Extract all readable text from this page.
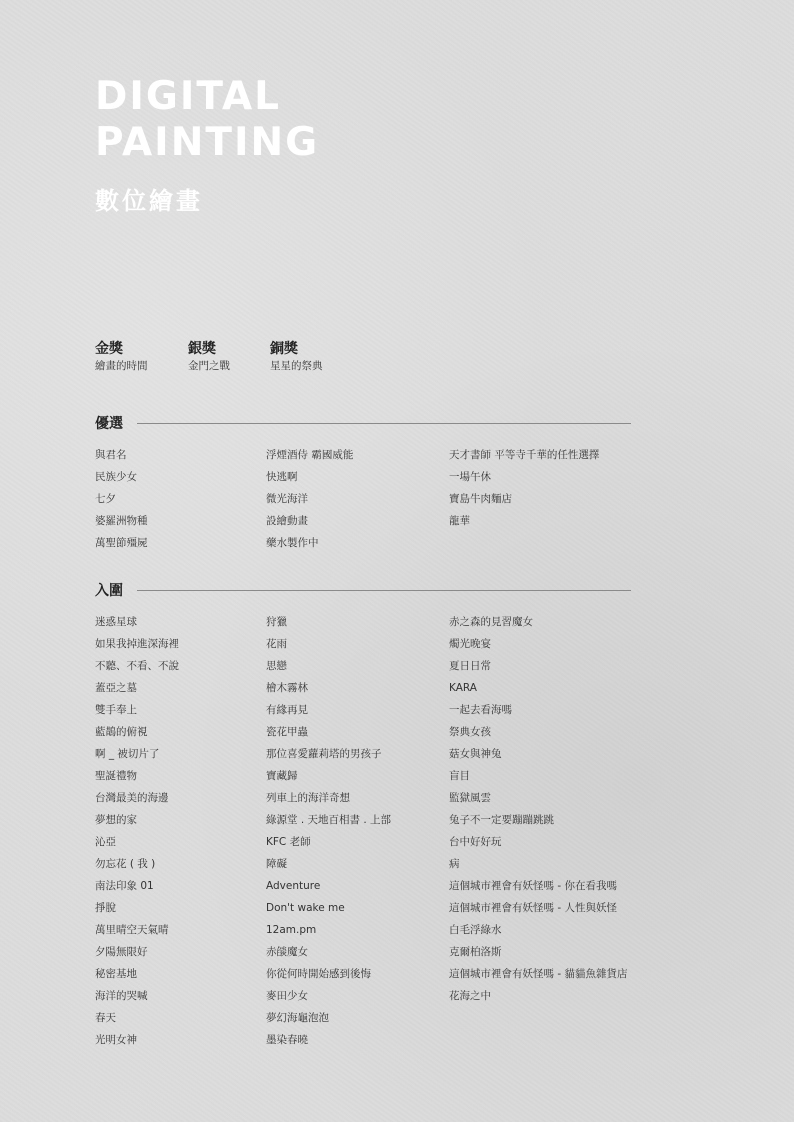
DIGITAL
PAINTING
數位繪畫
金獎
繪畫的時間
銀獎
金門之戰
銅獎
星星的祭典
優選
與君名
民族少女
七夕
婆羅洲物種
萬聖節殭屍
浮煙酒侍 霸國威能
快逃啊
微光海洋
設繪動畫
藥水製作中
天才書師 平等寺千華的任性選擇
一場午休
寶島牛肉麵店
龍華
入圍
迷惑星球
如果我掉進深海裡
不聽、不看、不說
蓋亞之墓
雙手奉上
藍鵲的俯視
啊 _ 被切片了
聖誕禮物
台灣最美的海邊
夢想的家
沁亞
勿忘花 ( 我 )
南法印象 01
掙脫
萬里晴空天氣晴
夕陽無限好
秘密基地
海洋的哭喊
春天
光明女神
狩獵
花雨
思戀
檜木霧林
有緣再見
瓷花甲蟲
那位喜愛蘿莉塔的男孩子
寶藏歸
列車上的海洋奇想
綠源堂 . 天地百相書 . 上部
KFC 老師
障礙
Adventure
Don't wake me
12am.pm
赤燄魔女
你從何時開始感到後悔
麥田少女
夢幻海龜泡泡
墨染春曉
赤之森的見習魔女
燭光晚宴
夏日日常
KARA
一起去看海嗎
祭典女孩
菇女與神兔
盲目
監獄風雲
兔子不一定要蹦蹦跳跳
台中好好玩
病
這個城市裡會有妖怪嗎 - 你在看我嗎
這個城市裡會有妖怪嗎 - 人性與妖怪
白毛浮綠水
克爾柏洛斯
這個城市裡會有妖怪嗎 - 貓貓魚雜貨店
花海之中
